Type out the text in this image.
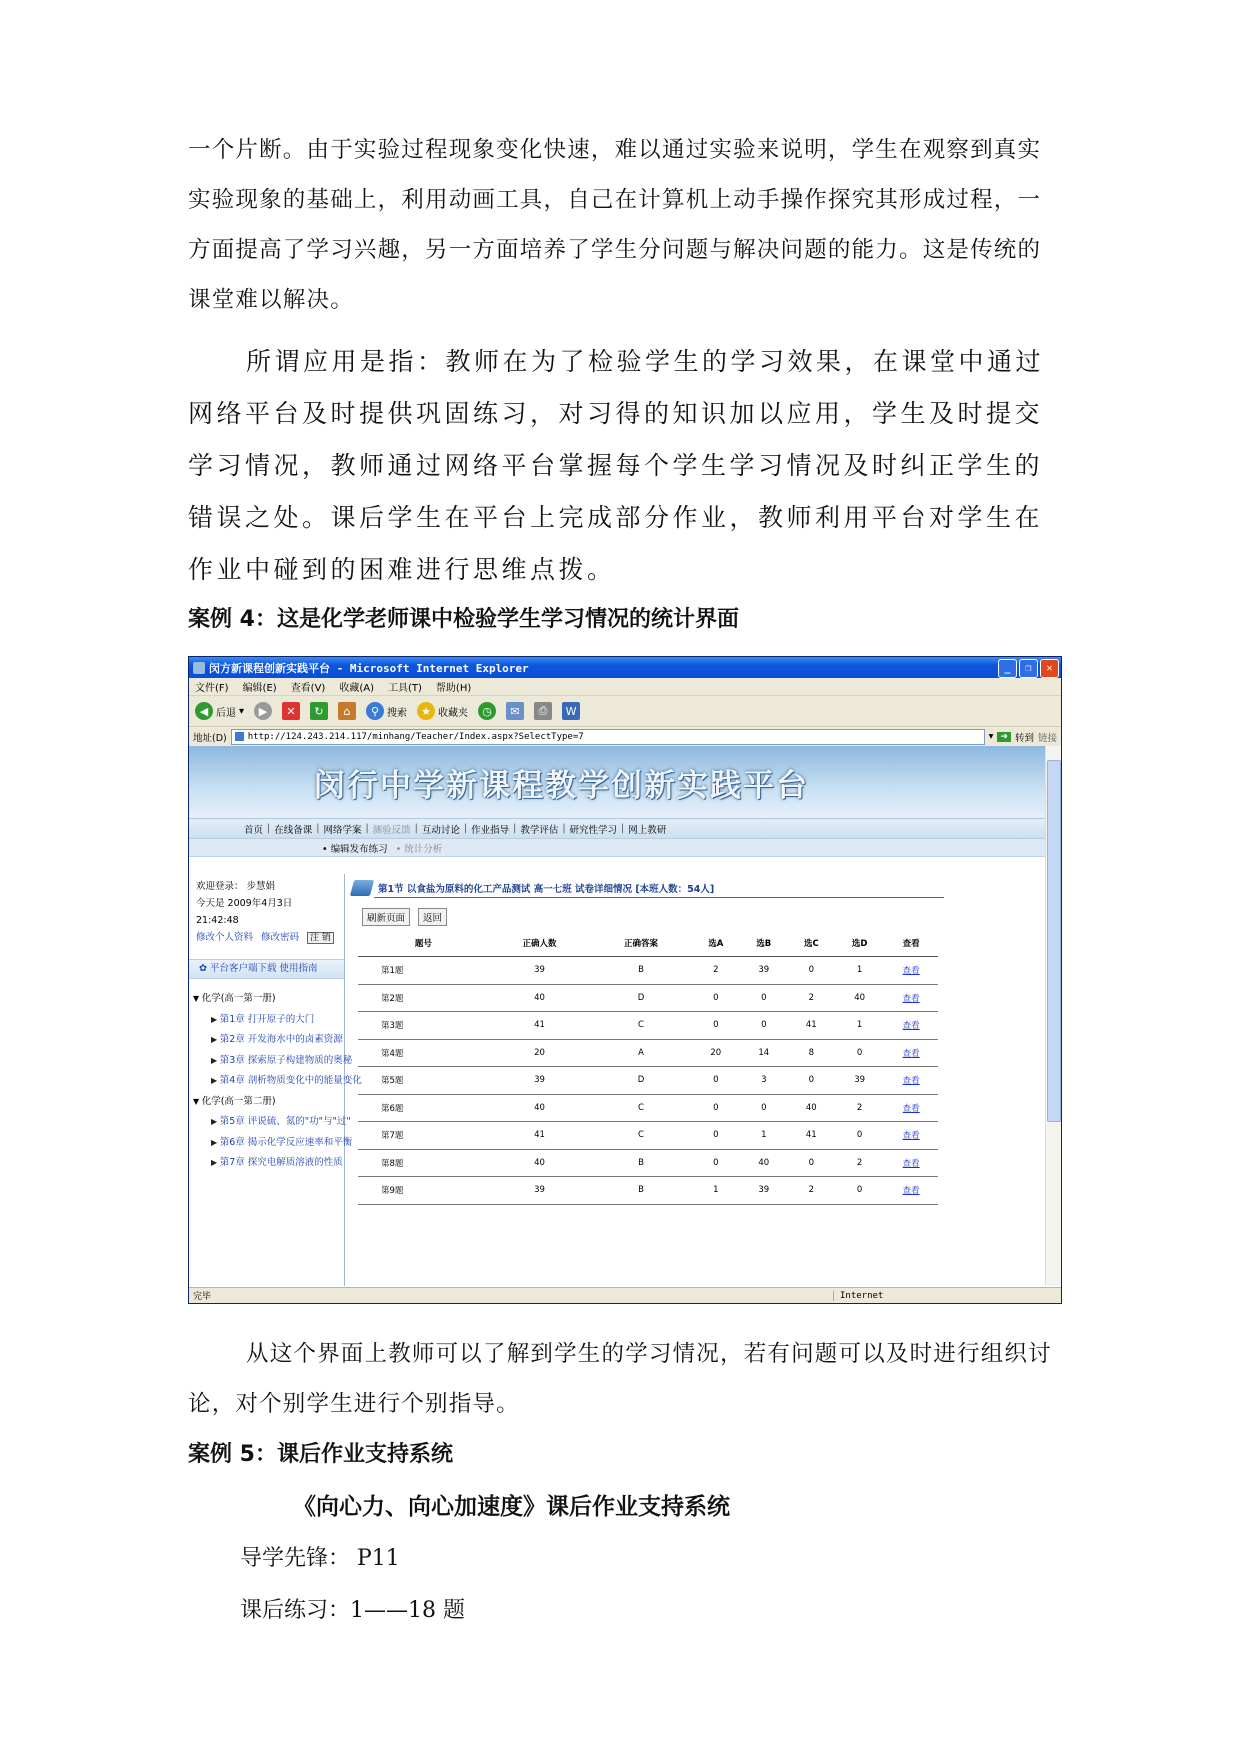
一个片断。由于实验过程现象变化快速，难以通过实验来说明，学生在观察到真实实验现象的基础上，利用动画工具，自己在计算机上动手操作探究其形成过程，一方面提高了学习兴趣，另一方面培养了学生分问题与解决问题的能力。这是传统的课堂难以解决。

所谓应用是指：教师在为了检验学生的学习效果，在课堂中通过网络平台及时提供巩固练习，对习得的知识加以应用，学生及时提交学习情况，教师通过网络平台掌握每个学生学习情况及时纠正学生的错误之处。课后学生在平台上完成部分作业，教师利用平台对学生在作业中碰到的困难进行思维点拨。

案例 4：这是化学老师课中检验学生学习情况的统计界面

闵方新课程创新实践平台 - Microsoft Internet Explorer	_	❐	✕
文件(F) 编辑(E) 查看(V) 收藏(A) 工具(T) 帮助(H)
◀ 后退 ▾	▶	✕	↻	⌂	⚲ 搜索	★ 收藏夹	◷	✉	⎙	W
地址(D)	http://124.243.214.117/minhang/Teacher/Index.aspx?SelectType=7	▾ ➜ 转到 链接
闵行中学新课程教学创新实践平台
首页 | 在线备课 | 网络学案 | 测验反馈 | 互动讨论 | 作业指导 | 教学评估 | 研究性学习 | 网上教研
• 编辑发布练习 • 统计分析
欢迎登录： 步慧娟
今天是 2009年4月3日 21:42:48
修改个人资料 修改密码 注 销
✿ 平台客户端下载 使用指南
▼ 化学(高一第一册)
▶ 第1章 打开原子的大门
▶ 第2章 开发海水中的卤素资源
▶ 第3章 探索原子构建物质的奥秘
▶ 第4章 剖析物质变化中的能量变化
▼ 化学(高一第二册)
▶ 第5章 评说硫、氮的"功"与"过"
▶ 第6章 揭示化学反应速率和平衡
▶ 第7章 探究电解质溶液的性质
第1节 以食盐为原料的化工产品测试 高一七班 试卷详细情况 [本班人数：54人]
刷新页面	返回
题号	正确人数	正确答案	选A	选B	选C	选D	查看
第1题	39	B	2	39	0	1	查看
第2题	40	D	0	0	2	40	查看
第3题	41	C	0	0	41	1	查看
第4题	20	A	20	14	8	0	查看
第5题	39	D	0	3	0	39	查看
第6题	40	C	0	0	40	2	查看
第7题	41	C	0	1	41	0	查看
第8题	40	B	0	40	0	2	查看
第9题	39	B	1	39	2	0	查看
完毕	Internet

从这个界面上教师可以了解到学生的学习情况，若有问题可以及时进行组织讨论，对个别学生进行个别指导。

案例 5：课后作业支持系统

《向心力、向心加速度》课后作业支持系统

导学先锋： P11

课后练习：1——18 题
